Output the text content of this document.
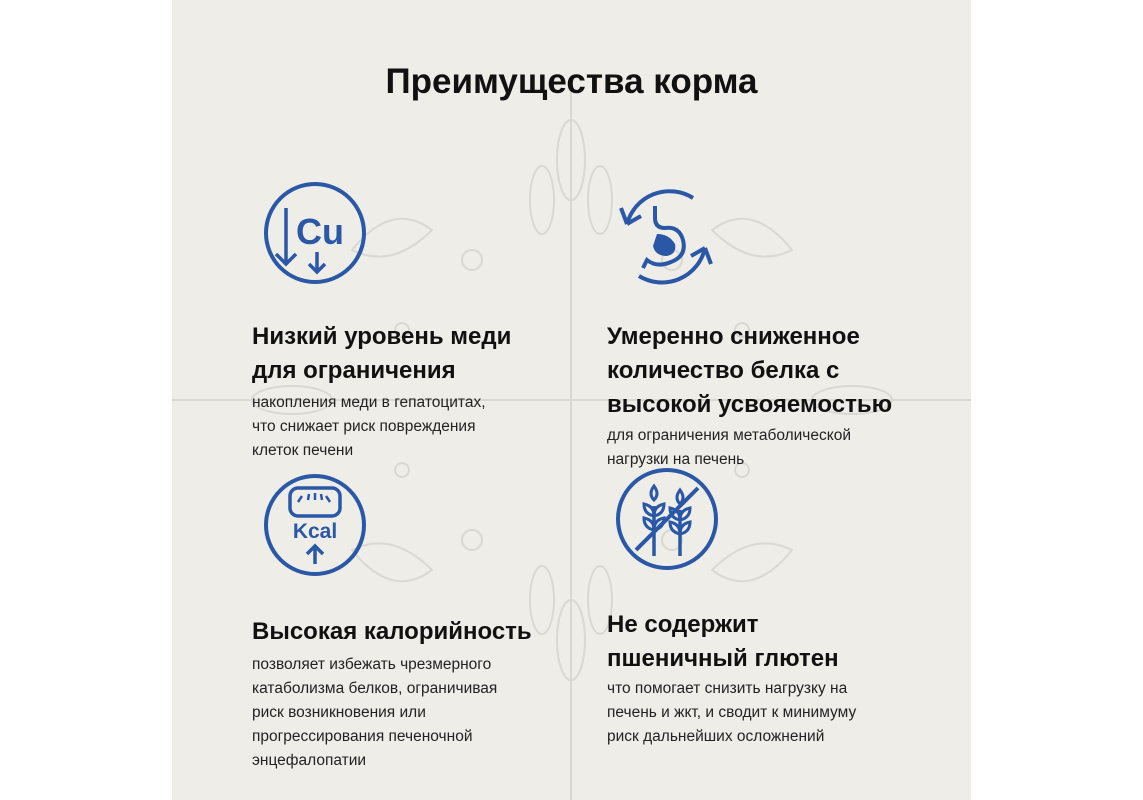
Преимущества корма
Cu
Низкий уровень меди
для ограничения

накопления меди в гепатоцитах,
что снижает риск повреждения
клеток печени

Умеренно сниженное
количество белка с
высокой усвояемостью

для ограничения метаболической
нагрузки на печень

Kcal
Высокая калорийность

позволяет избежать чрезмерного
катаболизма белков, ограничивая
риск возникновения или
прогрессирования печеночной
энцефалопатии

Не содержит
пшеничный глютен

что помогает снизить нагрузку на
печень и жкт, и сводит к минимуму
риск дальнейших осложнений
